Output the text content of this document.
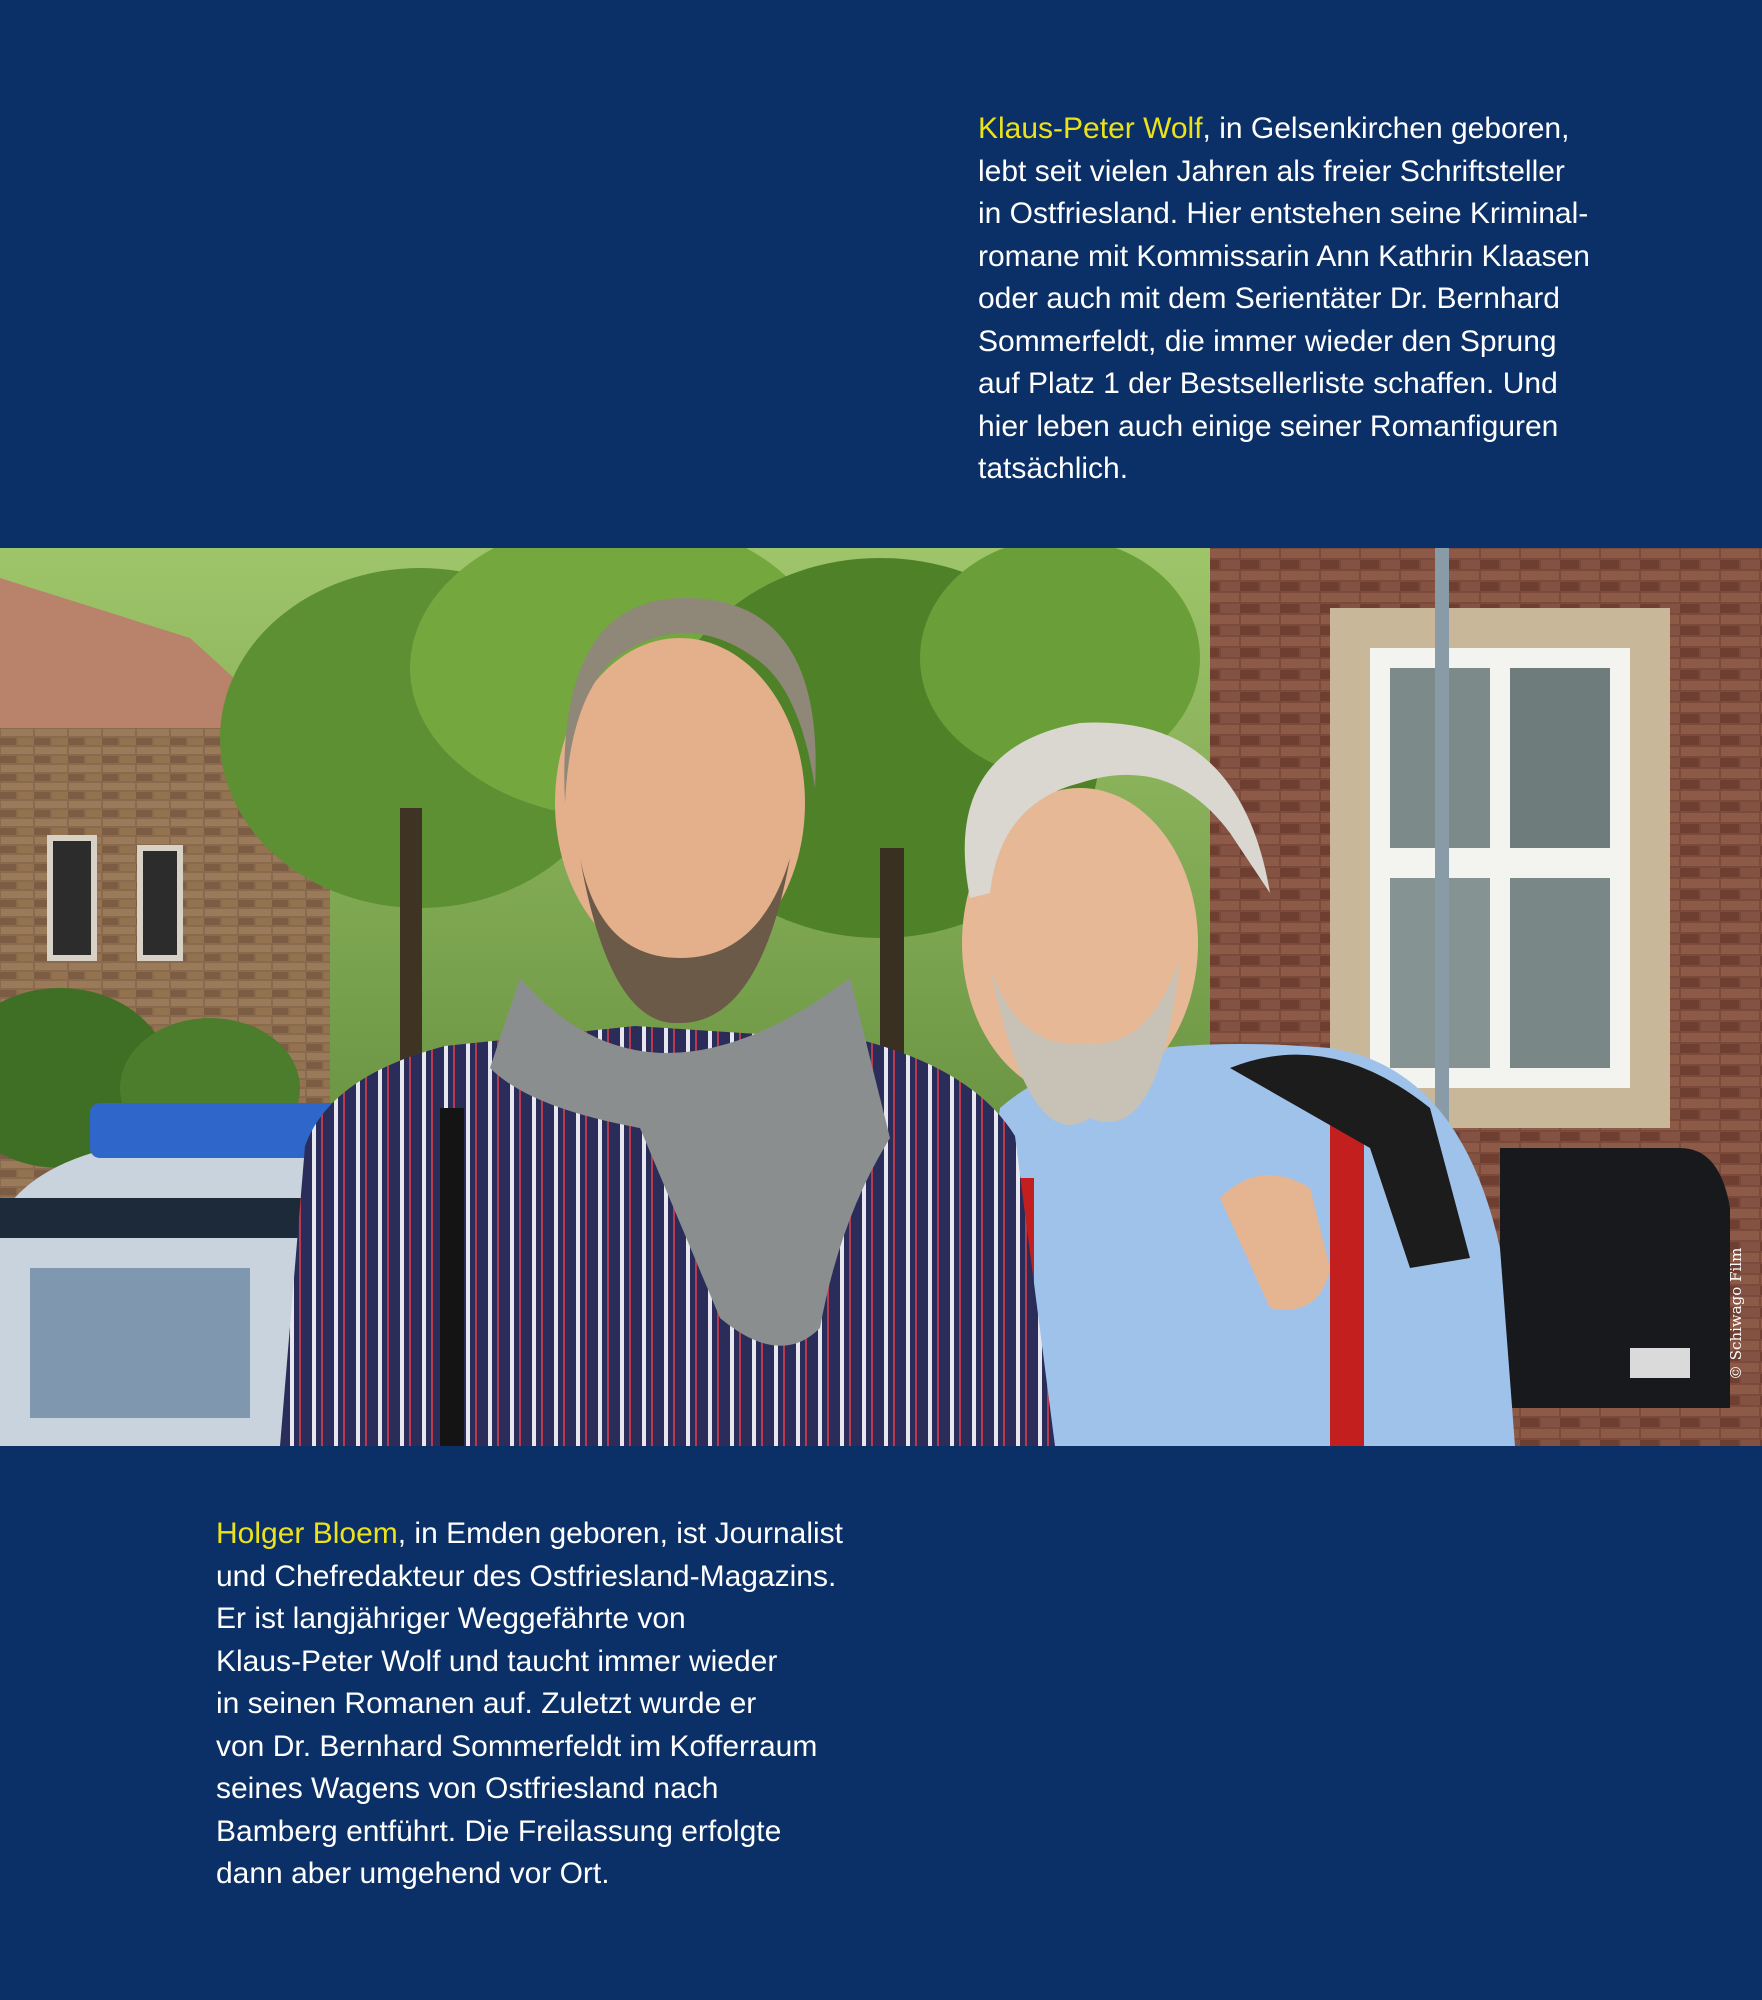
Klaus-Peter Wolf, in Gelsenkirchen geboren,
lebt seit vielen Jahren als freier Schriftsteller
in Ostfriesland. Hier entstehen seine Kriminal-
romane mit Kommissarin Ann Kathrin Klaasen
oder auch mit dem Serientäter Dr. Bernhard
Sommerfeldt, die immer wieder den Sprung
auf Platz 1 der Bestsellerliste schaffen. Und
hier leben auch einige seiner Romanfiguren
tatsächlich.

© Schiwago Film

Holger Bloem, in Emden geboren, ist Journalist
und Chefredakteur des Ostfriesland-Magazins.
Er ist langjähriger Weggefährte von
Klaus-Peter Wolf und taucht immer wieder
in seinen Romanen auf. Zuletzt wurde er
von Dr. Bernhard Sommerfeldt im Kofferraum
seines Wagens von Ostfriesland nach
Bamberg entführt. Die Freilassung erfolgte
dann aber umgehend vor Ort.
